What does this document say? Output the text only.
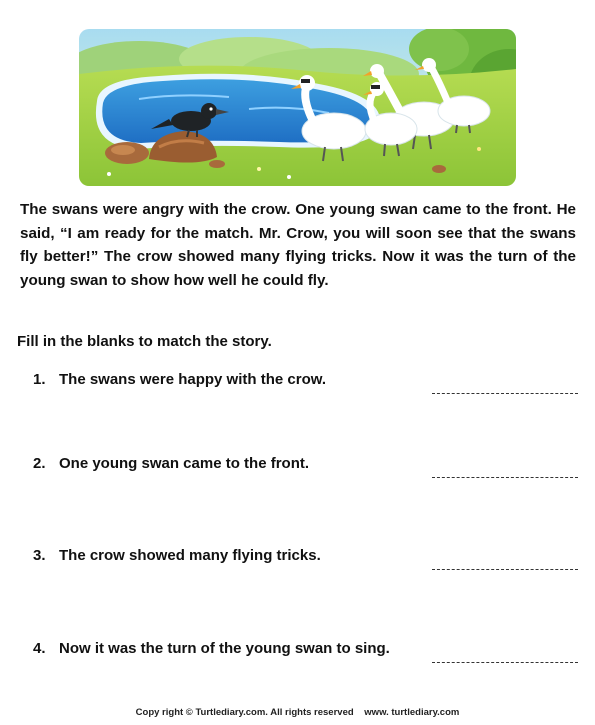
The swans were angry with the crow. One young swan came to the front. He said, “I am ready for the match. Mr. Crow, you will soon see that the swans fly better!” The crow showed many flying tricks. Now it was the turn of the young swan to show how well he could fly.

Fill in the blanks to match the story.

1. The swans were happy with the crow.
2. One young swan came to the front.
3. The crow showed many flying tricks.
4. Now it was the turn of the young swan to sing.
Copy right © Turtlediary.com. All rights reserved www. turtlediary.com
